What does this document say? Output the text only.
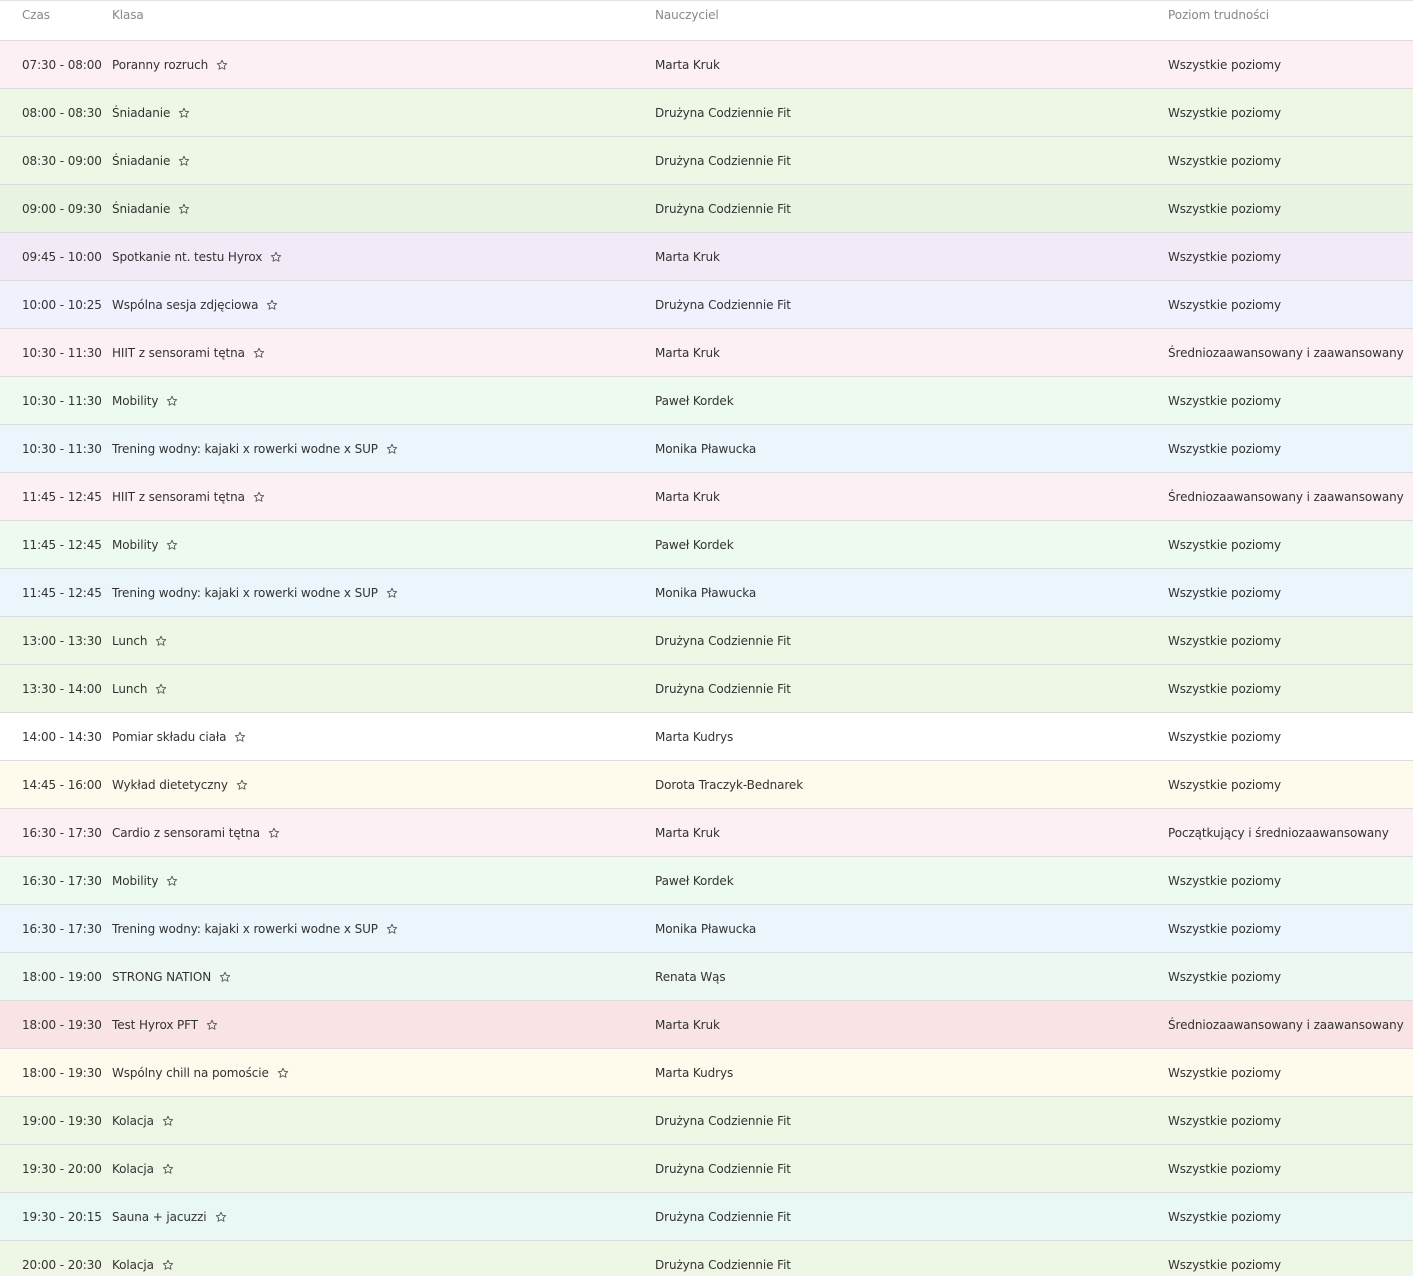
Czas	Klasa	Nauczyciel	Poziom trudności
07:30 - 08:00 Poranny rozruch	Marta Kruk	Wszystkie poziomy
08:00 - 08:30 Śniadanie	Drużyna Codziennie Fit	Wszystkie poziomy
08:30 - 09:00 Śniadanie	Drużyna Codziennie Fit	Wszystkie poziomy
09:00 - 09:30 Śniadanie	Drużyna Codziennie Fit	Wszystkie poziomy
09:45 - 10:00 Spotkanie nt. testu Hyrox	Marta Kruk	Wszystkie poziomy
10:00 - 10:25 Wspólna sesja zdjęciowa	Drużyna Codziennie Fit	Wszystkie poziomy
10:30 - 11:30 HIIT z sensorami tętna	Marta Kruk	Średniozaawansowany i zaawansowany
10:30 - 11:30 Mobility	Paweł Kordek	Wszystkie poziomy
10:30 - 11:30 Trening wodny: kajaki x rowerki wodne x SUP	Monika Pławucka	Wszystkie poziomy
11:45 - 12:45 HIIT z sensorami tętna	Marta Kruk	Średniozaawansowany i zaawansowany
11:45 - 12:45 Mobility	Paweł Kordek	Wszystkie poziomy
11:45 - 12:45 Trening wodny: kajaki x rowerki wodne x SUP	Monika Pławucka	Wszystkie poziomy
13:00 - 13:30 Lunch	Drużyna Codziennie Fit	Wszystkie poziomy
13:30 - 14:00 Lunch	Drużyna Codziennie Fit	Wszystkie poziomy
14:00 - 14:30 Pomiar składu ciała	Marta Kudrys	Wszystkie poziomy
14:45 - 16:00 Wykład dietetyczny	Dorota Traczyk-Bednarek	Wszystkie poziomy
16:30 - 17:30 Cardio z sensorami tętna	Marta Kruk	Początkujący i średniozaawansowany
16:30 - 17:30 Mobility	Paweł Kordek	Wszystkie poziomy
16:30 - 17:30 Trening wodny: kajaki x rowerki wodne x SUP	Monika Pławucka	Wszystkie poziomy
18:00 - 19:00 STRONG NATION	Renata Wąs	Wszystkie poziomy
18:00 - 19:30 Test Hyrox PFT	Marta Kruk	Średniozaawansowany i zaawansowany
18:00 - 19:30 Wspólny chill na pomoście	Marta Kudrys	Wszystkie poziomy
19:00 - 19:30 Kolacja	Drużyna Codziennie Fit	Wszystkie poziomy
19:30 - 20:00 Kolacja	Drużyna Codziennie Fit	Wszystkie poziomy
19:30 - 20:15 Sauna + jacuzzi	Drużyna Codziennie Fit	Wszystkie poziomy
20:00 - 20:30 Kolacja	Drużyna Codziennie Fit	Wszystkie poziomy
